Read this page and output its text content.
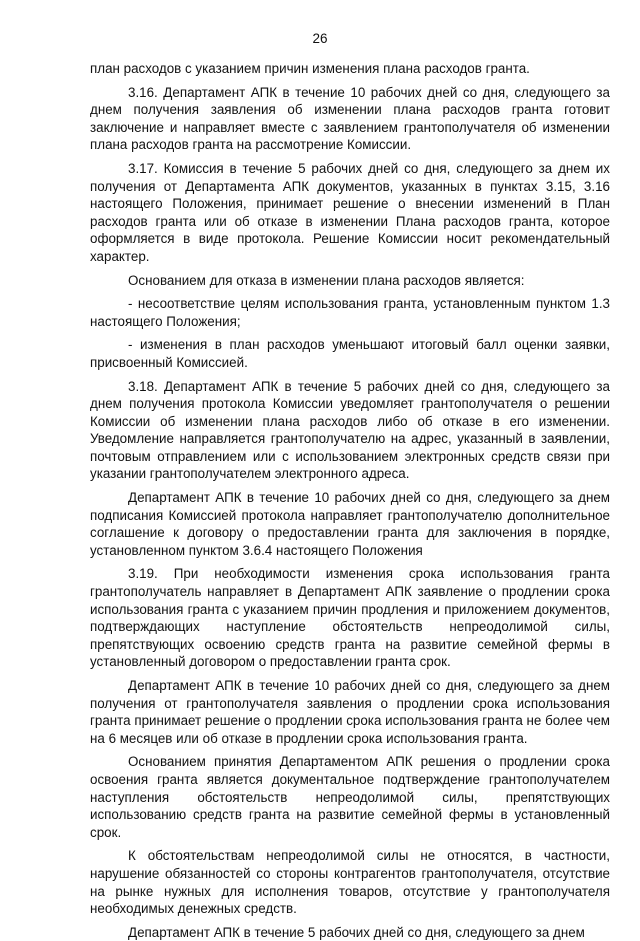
26

план расходов с указанием причин изменения плана расходов гранта.

3.16. Департамент АПК в течение 10 рабочих дней со дня, следующего за днем получения заявления об изменении плана расходов гранта готовит заключение и направляет вместе с заявлением грантополучателя об изменении плана расходов гранта на рассмотрение Комиссии.

3.17. Комиссия в течение 5 рабочих дней со дня, следующего за днем их получения от Департамента АПК документов, указанных в пунктах 3.15, 3.16 настоящего Положения, принимает решение о внесении изменений в План расходов гранта или об отказе в изменении Плана расходов гранта, которое оформляется в виде протокола. Решение Комиссии носит рекомендательный характер.

Основанием для отказа в изменении плана расходов является:

- несоответствие целям использования гранта, установленным пунктом 1.3 настоящего Положения;

- изменения в план расходов уменьшают итоговый балл оценки заявки, присвоенный Комиссией.

3.18. Департамент АПК в течение 5 рабочих дней со дня, следующего за днем получения протокола Комиссии уведомляет грантополучателя о решении Комиссии об изменении плана расходов либо об отказе в его изменении. Уведомление направляется грантополучателю на адрес, указанный в заявлении, почтовым отправлением или с использованием электронных средств связи при указании грантополучателем электронного адреса.

Департамент АПК в течение 10 рабочих дней со дня, следующего за днем подписания Комиссией протокола направляет грантополучателю дополнительное соглашение к договору о предоставлении гранта для заключения в порядке, установленном пунктом 3.6.4 настоящего Положения

3.19. При необходимости изменения срока использования гранта грантополучатель направляет в Департамент АПК заявление о продлении срока использования гранта с указанием причин продления и приложением документов, подтверждающих наступление обстоятельств непреодолимой силы, препятствующих освоению средств гранта на развитие семейной фермы в установленный договором о предоставлении гранта срок.

Департамент АПК в течение 10 рабочих дней со дня, следующего за днем получения от грантополучателя заявления о продлении срока использования гранта принимает решение о продлении срока использования гранта не более чем на 6 месяцев или об отказе в продлении срока использования гранта.

Основанием принятия Департаментом АПК решения о продлении срока освоения гранта является документальное подтверждение грантополучателем наступления обстоятельств непреодолимой силы, препятствующих использованию средств гранта на развитие семейной фермы в установленный срок.

К обстоятельствам непреодолимой силы не относятся, в частности, нарушение обязанностей со стороны контрагентов грантополучателя, отсутствие на рынке нужных для исполнения товаров, отсутствие у грантополучателя необходимых денежных средств.

Департамент АПК в течение 5 рабочих дней со дня, следующего за днем
